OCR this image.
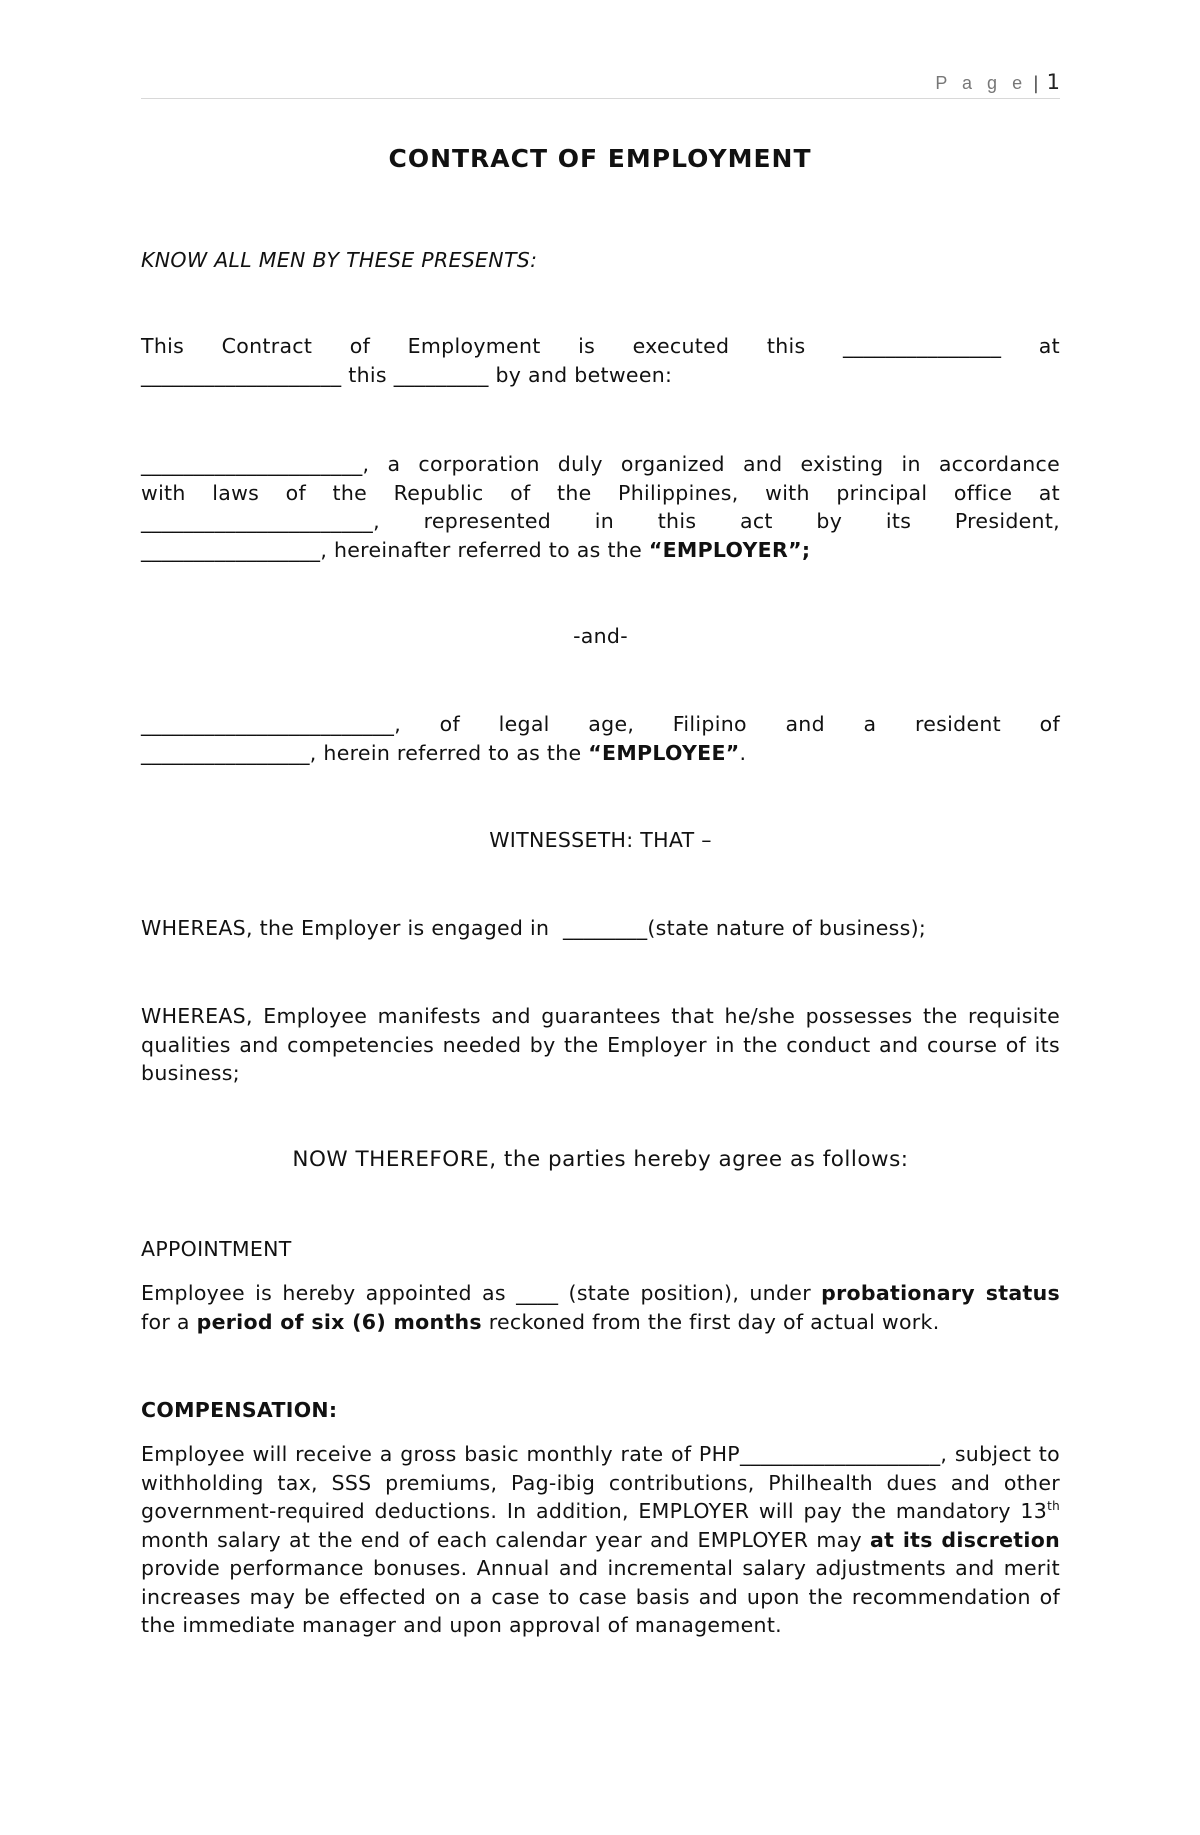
P a g e | 1
CONTRACT OF EMPLOYMENT
KNOW ALL MEN BY THESE PRESENTS:
This Contract of Employment is executed this _______________ at
___________________ this _________ by and between:
_____________________, a corporation duly organized and existing in accordance
with laws of the Republic of the Philippines, with principal office at
______________________, represented in this act by its President,
_________________, hereinafter referred to as the “EMPLOYER”;
-and-
________________________, of legal age, Filipino and a resident of
________________, herein referred to as the “EMPLOYEE”.
WITNESSETH: THAT –
WHEREAS, the Employer is engaged in  ________(state nature of business);
WHEREAS, Employee manifests and guarantees that he/she possesses the requisite qualities and competencies needed by the Employer in the conduct and course of its business;
NOW THEREFORE, the parties hereby agree as follows:
APPOINTMENT
Employee is hereby appointed as ____ (state position), under probationary status for a period of six (6) months reckoned from the first day of actual work.
COMPENSATION:
Employee will receive a gross basic monthly rate of PHP___________________, subject to withholding tax, SSS premiums, Pag-ibig contributions, Philhealth dues and other government-required deductions. In addition, EMPLOYER will pay the mandatory 13th month salary at the end of each calendar year and EMPLOYER may at its discretion provide performance bonuses. Annual and incremental salary adjustments and merit increases may be effected on a case to case basis and upon the recommendation of the immediate manager and upon approval of management.
